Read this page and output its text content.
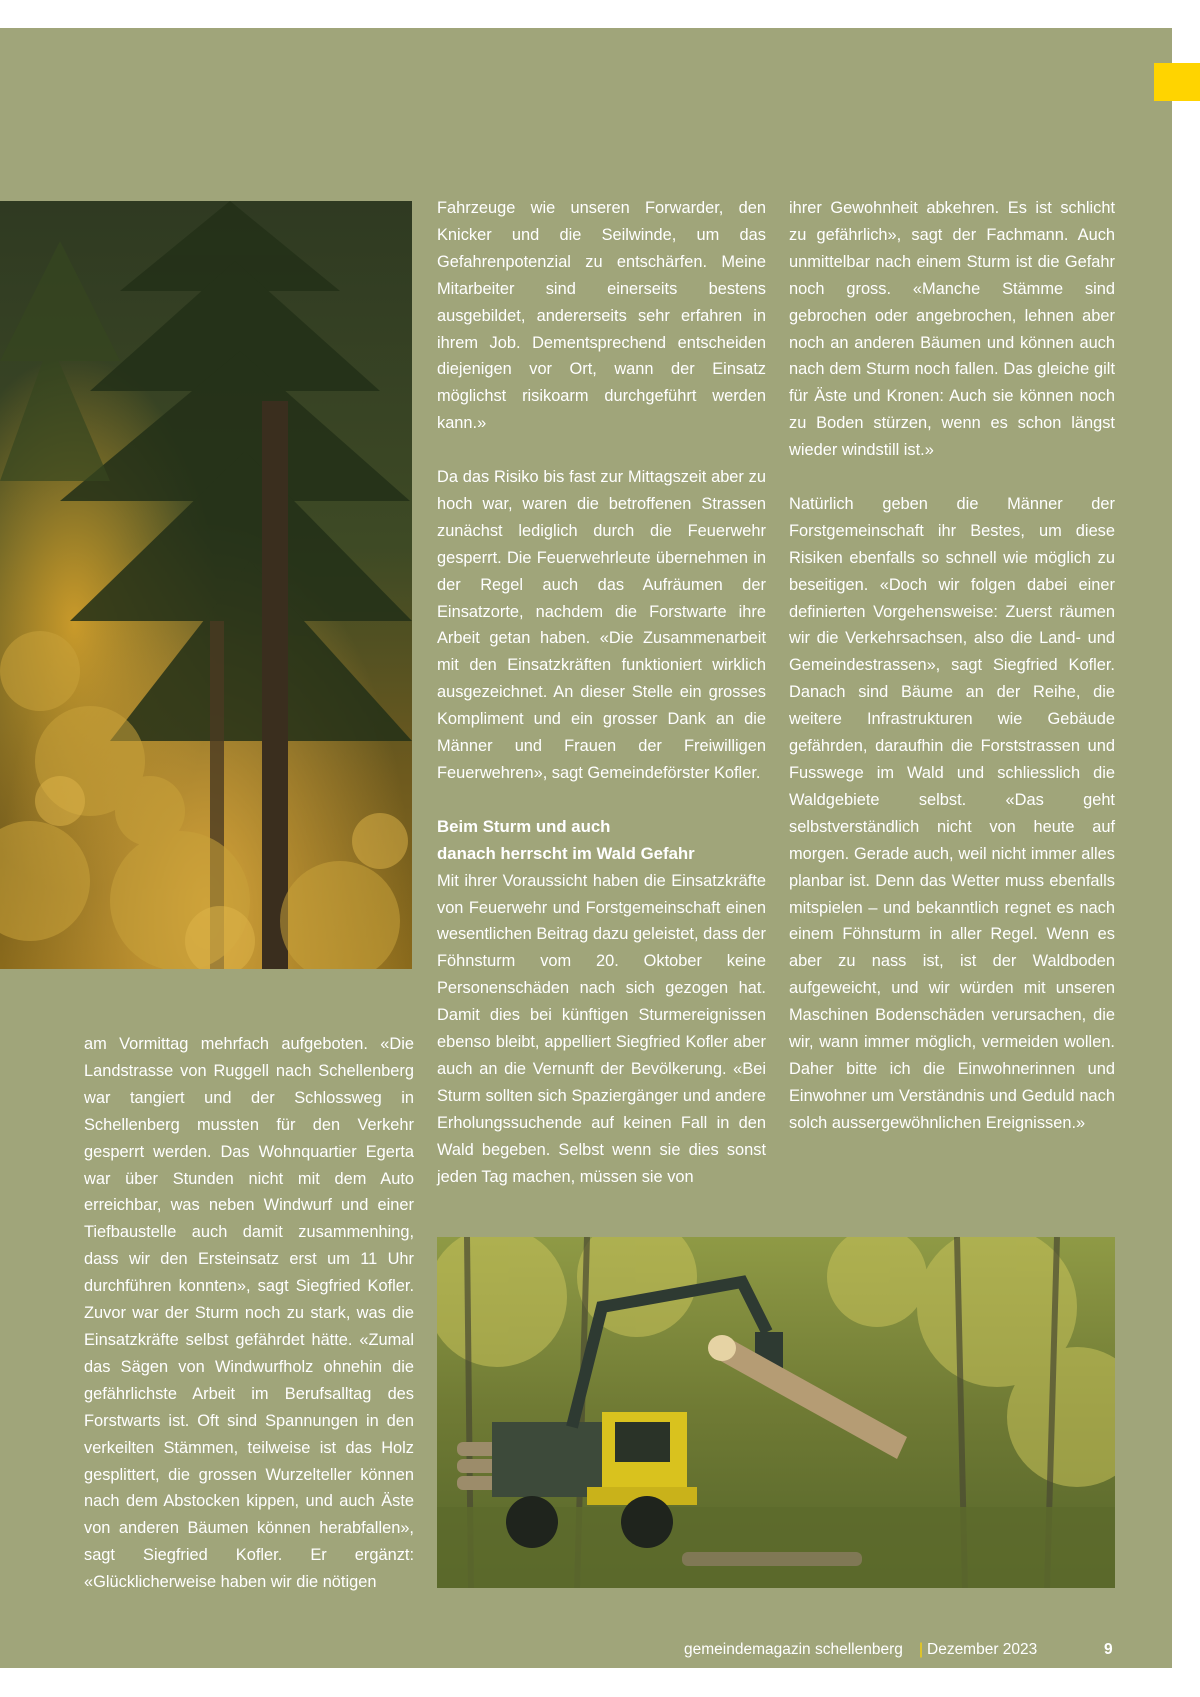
am Vormittag mehrfach aufgeboten. «Die Landstrasse von Ruggell nach Schellenberg war tangiert und der Schlossweg in Schellenberg mussten für den Verkehr gesperrt werden. Das Wohnquartier Egerta war über Stunden nicht mit dem Auto erreichbar, was neben Windwurf und einer Tiefbaustelle auch damit zusammenhing, dass wir den Ersteinsatz erst um 11 Uhr durchführen konnten», sagt Siegfried Kofler. Zuvor war der Sturm noch zu stark, was die Einsatzkräfte selbst gefährdet hätte. «Zumal das Sägen von Windwurfholz ohnehin die gefährlichste Arbeit im Berufsalltag des Forstwarts ist. Oft sind Spannungen in den verkeilten Stämmen, teilweise ist das Holz gesplittert, die grossen Wurzelteller können nach dem Abstocken kippen, und auch Äste von anderen Bäumen können herabfallen», sagt Siegfried Kofler. Er ergänzt: «Glücklicherweise haben wir die nötigen

Fahrzeuge wie unseren Forwarder, den Knicker und die Seilwinde, um das Gefahrenpotenzial zu entschärfen. Meine Mitarbeiter sind einerseits bestens ausgebildet, andererseits sehr erfahren in ihrem Job. Dementsprechend entscheiden diejenigen vor Ort, wann der Einsatz möglichst risikoarm durchgeführt werden kann.»

Da das Risiko bis fast zur Mittagszeit aber zu hoch war, waren die betroffenen Strassen zunächst lediglich durch die Feuerwehr gesperrt. Die Feuerwehrleute übernehmen in der Regel auch das Aufräumen der Einsatzorte, nachdem die Forstwarte ihre Arbeit getan haben. «Die Zusammenarbeit mit den Einsatzkräften funktioniert wirklich ausgezeichnet. An dieser Stelle ein grosses Kompliment und ein grosser Dank an die Männer und Frauen der Freiwilligen Feuerwehren», sagt Gemeindeförster Kofler.

Beim Sturm und auch
danach herrscht im Wald Gefahr

Mit ihrer Voraussicht haben die Einsatzkräfte von Feuerwehr und Forstgemeinschaft einen wesentlichen Beitrag dazu geleistet, dass der Föhnsturm vom 20. Oktober keine Personenschäden nach sich gezogen hat. Damit dies bei künftigen Sturmereignissen ebenso bleibt, appelliert Siegfried Kofler aber auch an die Vernunft der Bevölkerung. «Bei Sturm sollten sich Spaziergänger und andere Erholungssuchende auf keinen Fall in den Wald begeben. Selbst wenn sie dies sonst jeden Tag machen, müssen sie von

ihrer Gewohnheit abkehren. Es ist schlicht zu gefährlich», sagt der Fachmann. Auch unmittelbar nach einem Sturm ist die Gefahr noch gross. «Manche Stämme sind gebrochen oder angebrochen, lehnen aber noch an anderen Bäumen und können auch nach dem Sturm noch fallen. Das gleiche gilt für Äste und Kronen: Auch sie können noch zu Boden stürzen, wenn es schon längst wieder windstill ist.»

Natürlich geben die Männer der Forstgemeinschaft ihr Bestes, um diese Risiken ebenfalls so schnell wie möglich zu beseitigen. «Doch wir folgen dabei einer definierten Vorgehensweise: Zuerst räumen wir die Verkehrsachsen, also die Land- und Gemeindestrassen», sagt Siegfried Kofler. Danach sind Bäume an der Reihe, die weitere Infrastrukturen wie Gebäude gefährden, daraufhin die Forststrassen und Fusswege im Wald und schliesslich die Waldgebiete selbst. «Das geht selbstverständlich nicht von heute auf morgen. Gerade auch, weil nicht immer alles planbar ist. Denn das Wetter muss ebenfalls mitspielen – und bekanntlich regnet es nach einem Föhnsturm in aller Regel. Wenn es aber zu nass ist, ist der Waldboden aufgeweicht, und wir würden mit unseren Maschinen Bodenschäden verursachen, die wir, wann immer möglich, vermeiden wollen. Daher bitte ich die Einwohnerinnen und Einwohner um Verständnis und Geduld nach solch aussergewöhnlichen Ereignissen.»

gemeindemagazin schellenberg | Dezember 2023	9
